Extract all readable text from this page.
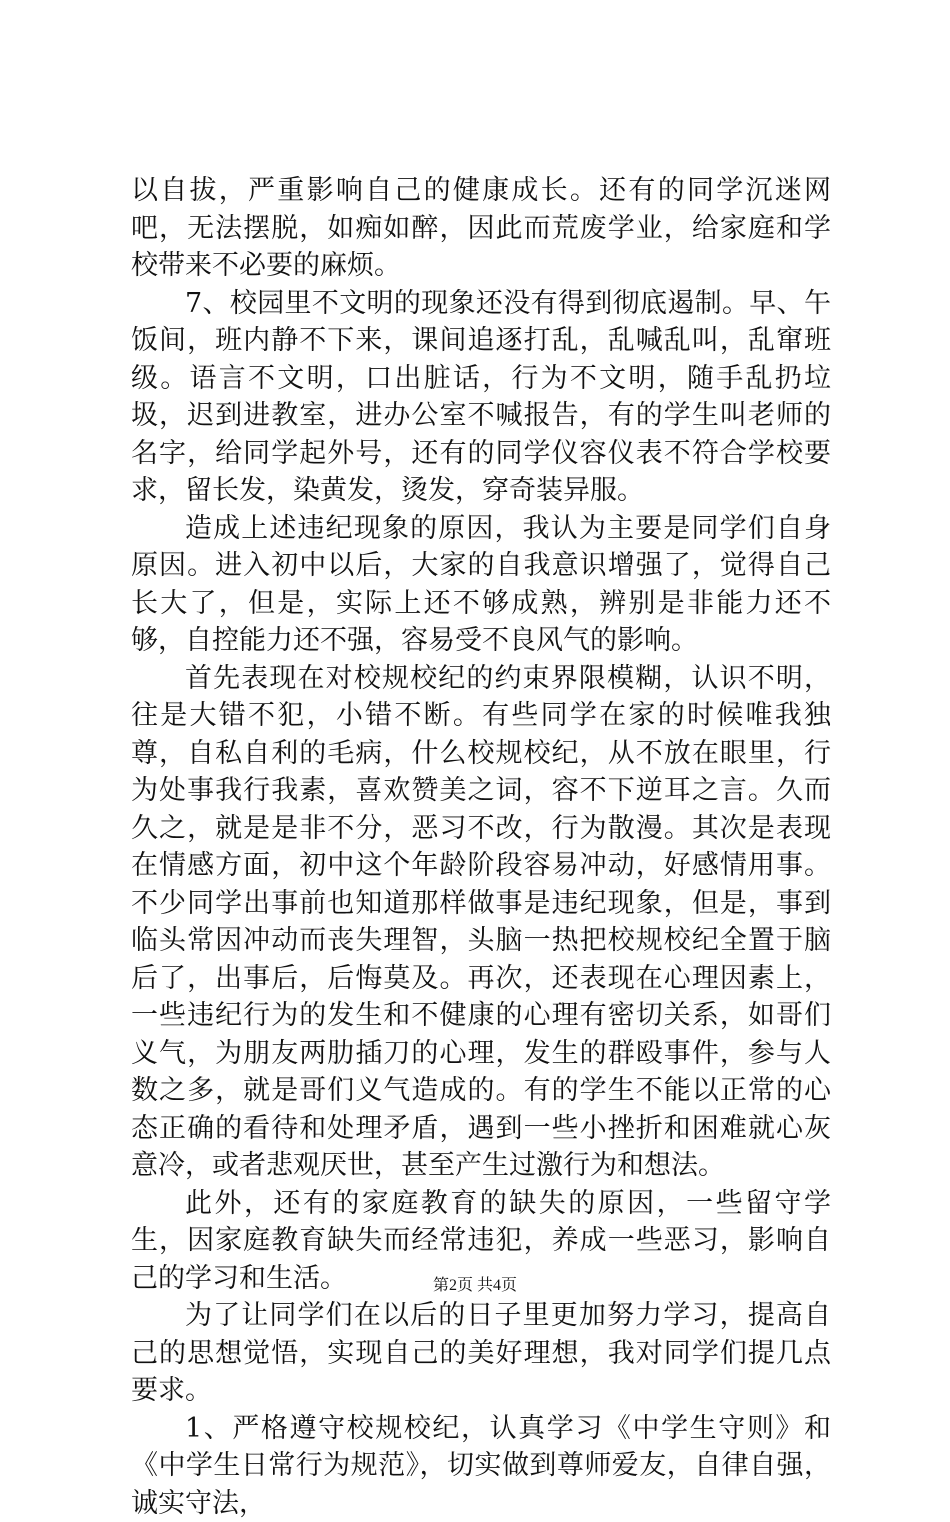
以自拔，严重影响自己的健康成长。还有的同学沉迷网吧，无法摆脱，如痴如醉，因此而荒废学业，给家庭和学校带来不必要的麻烦。

7、校园里不文明的现象还没有得到彻底遏制。早、午饭间，班内静不下来，课间追逐打乱，乱喊乱叫，乱窜班级。语言不文明，口出脏话，行为不文明，随手乱扔垃圾，迟到进教室，进办公室不喊报告，有的学生叫老师的名字，给同学起外号，还有的同学仪容仪表不符合学校要求，留长发，染黄发，烫发，穿奇装异服。

造成上述违纪现象的原因，我认为主要是同学们自身原因。进入初中以后，大家的自我意识增强了，觉得自己长大了，但是，实际上还不够成熟，辨别是非能力还不够，自控能力还不强，容易受不良风气的影响。

首先表现在对校规校纪的约束界限模糊，认识不明，往是大错不犯，小错不断。有些同学在家的时候唯我独尊，自私自利的毛病，什么校规校纪，从不放在眼里，行为处事我行我素，喜欢赞美之词，容不下逆耳之言。久而久之，就是是非不分，恶习不改，行为散漫。其次是表现在情感方面，初中这个年龄阶段容易冲动，好感情用事。不少同学出事前也知道那样做事是违纪现象，但是，事到临头常因冲动而丧失理智，头脑一热把校规校纪全置于脑后了，出事后，后悔莫及。再次，还表现在心理因素上，一些违纪行为的发生和不健康的心理有密切关系，如哥们义气，为朋友两肋插刀的心理，发生的群殴事件，参与人数之多，就是哥们义气造成的。有的学生不能以正常的心态正确的看待和处理矛盾，遇到一些小挫折和困难就心灰意冷，或者悲观厌世，甚至产生过激行为和想法。

此外，还有的家庭教育的缺失的原因，一些留守学生，因家庭教育缺失而经常违犯，养成一些恶习，影响自己的学习和生活。

为了让同学们在以后的日子里更加努力学习，提高自己的思想觉悟，实现自己的美好理想，我对同学们提几点要求。

1、严格遵守校规校纪，认真学习《中学生守则》和《中学生日常行为规范》，切实做到尊师爱友，自律自强，诚实守法，

第2页 共4页
